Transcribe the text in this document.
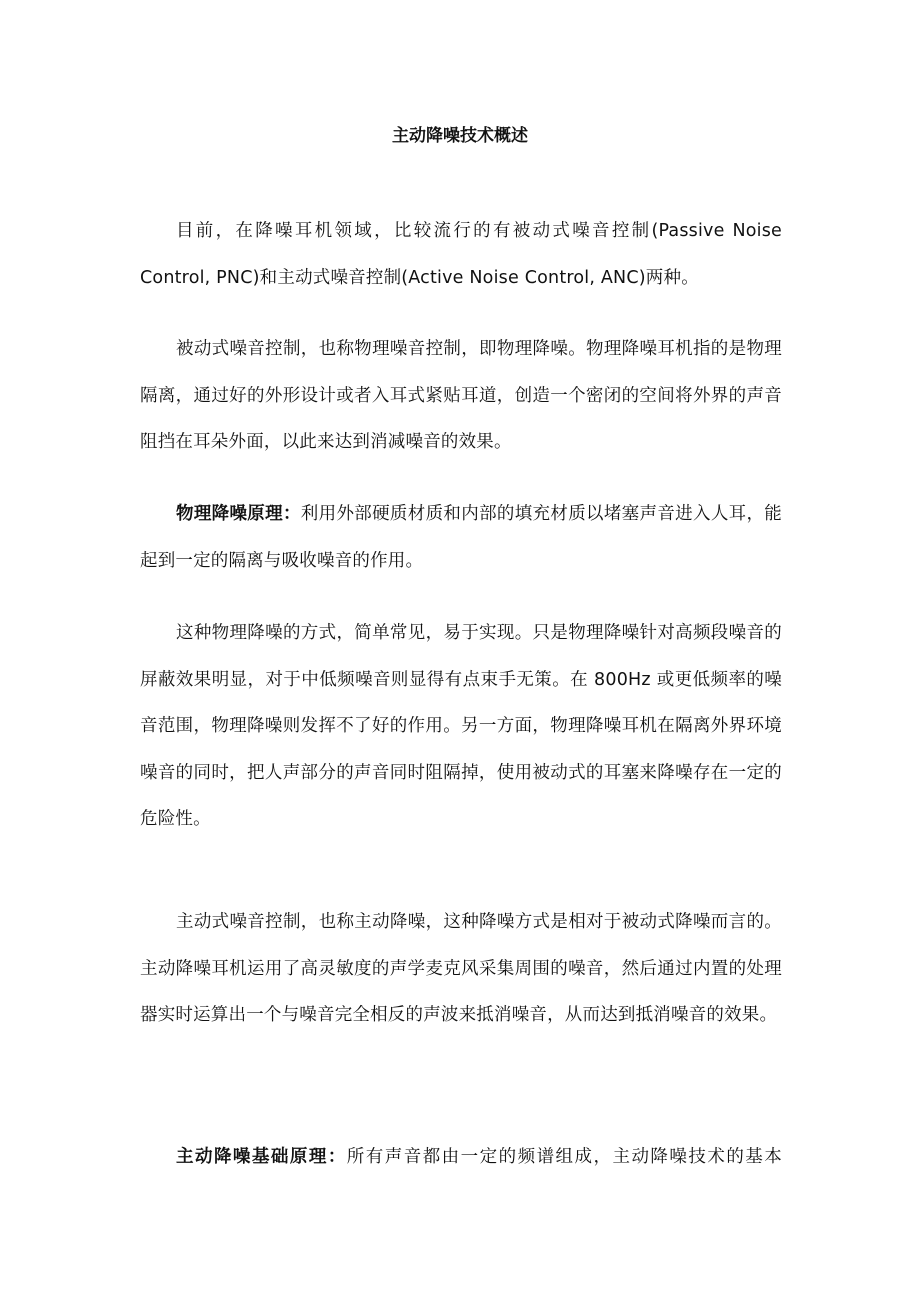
主动降噪技术概述

目前，在降噪耳机领域，比较流行的有被动式噪音控制(Passive Noise Control, PNC)和主动式噪音控制(Active Noise Control, ANC)两种。

被动式噪音控制，也称物理噪音控制，即物理降噪。物理降噪耳机指的是物理隔离，通过好的外形设计或者入耳式紧贴耳道，创造一个密闭的空间将外界的声音阻挡在耳朵外面，以此来达到消减噪音的效果。

物理降噪原理：利用外部硬质材质和内部的填充材质以堵塞声音进入人耳，能起到一定的隔离与吸收噪音的作用。

这种物理降噪的方式，简单常见，易于实现。只是物理降噪针对高频段噪音的屏蔽效果明显，对于中低频噪音则显得有点束手无策。在 800Hz 或更低频率的噪音范围，物理降噪则发挥不了好的作用。另一方面，物理降噪耳机在隔离外界环境噪音的同时，把人声部分的声音同时阻隔掉，使用被动式的耳塞来降噪存在一定的危险性。

主动式噪音控制，也称主动降噪，这种降噪方式是相对于被动式降噪而言的。主动降噪耳机运用了高灵敏度的声学麦克风采集周围的噪音，然后通过内置的处理器实时运算出一个与噪音完全相反的声波来抵消噪音，从而达到抵消噪音的效果。

主动降噪基础原理：所有声音都由一定的频谱组成，主动降噪技术的基本
